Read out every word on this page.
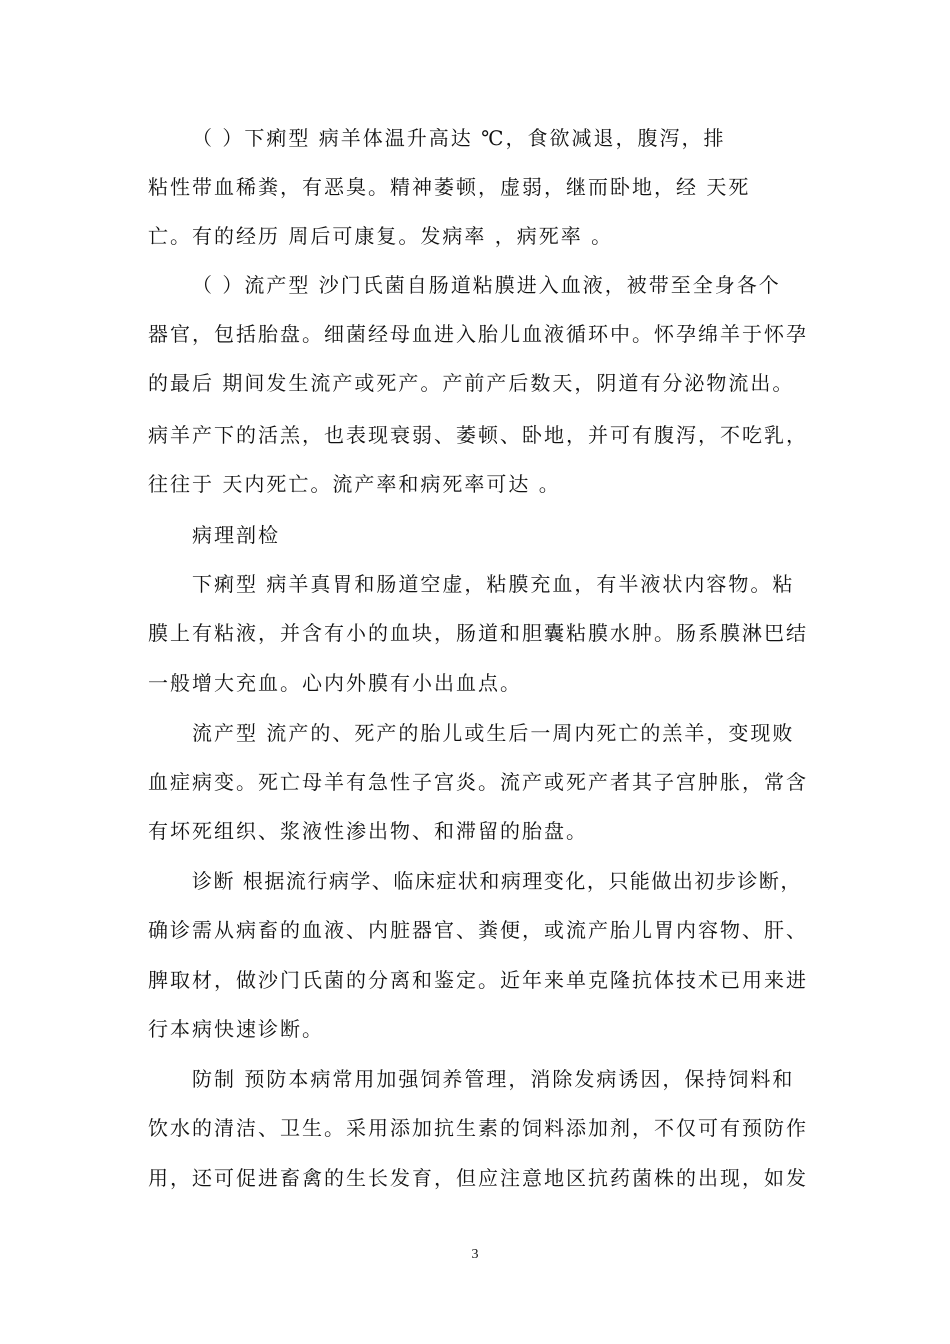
（ ）下痢型 病羊体温升高达 ℃，食欲减退，腹泻，排
粘性带血稀粪，有恶臭。精神萎顿，虚弱，继而卧地，经 天死
亡。有的经历 周后可康复。发病率 ，病死率 。
（ ）流产型 沙门氏菌自肠道粘膜进入血液，被带至全身各个
器官，包括胎盘。细菌经母血进入胎儿血液循环中。怀孕绵羊于怀孕
的最后 期间发生流产或死产。产前产后数天，阴道有分泌物流出。
病羊产下的活羔，也表现衰弱、萎顿、卧地，并可有腹泻，不吃乳，
往往于 天内死亡。流产率和病死率可达 。
病理剖检
下痢型 病羊真胃和肠道空虚，粘膜充血，有半液状内容物。粘
膜上有粘液，并含有小的血块，肠道和胆囊粘膜水肿。肠系膜淋巴结
一般增大充血。心内外膜有小出血点。
流产型 流产的、死产的胎儿或生后一周内死亡的羔羊，变现败
血症病变。死亡母羊有急性子宫炎。流产或死产者其子宫肿胀，常含
有坏死组织、浆液性渗出物、和滞留的胎盘。
诊断 根据流行病学、临床症状和病理变化，只能做出初步诊断，
确诊需从病畜的血液、内脏器官、粪便，或流产胎儿胃内容物、肝、
脾取材，做沙门氏菌的分离和鉴定。近年来单克隆抗体技术已用来进
行本病快速诊断。
防制 预防本病常用加强饲养管理，消除发病诱因，保持饲料和
饮水的清洁、卫生。采用添加抗生素的饲料添加剂，不仅可有预防作
用，还可促进畜禽的生长发育，但应注意地区抗药菌株的出现，如发
3
